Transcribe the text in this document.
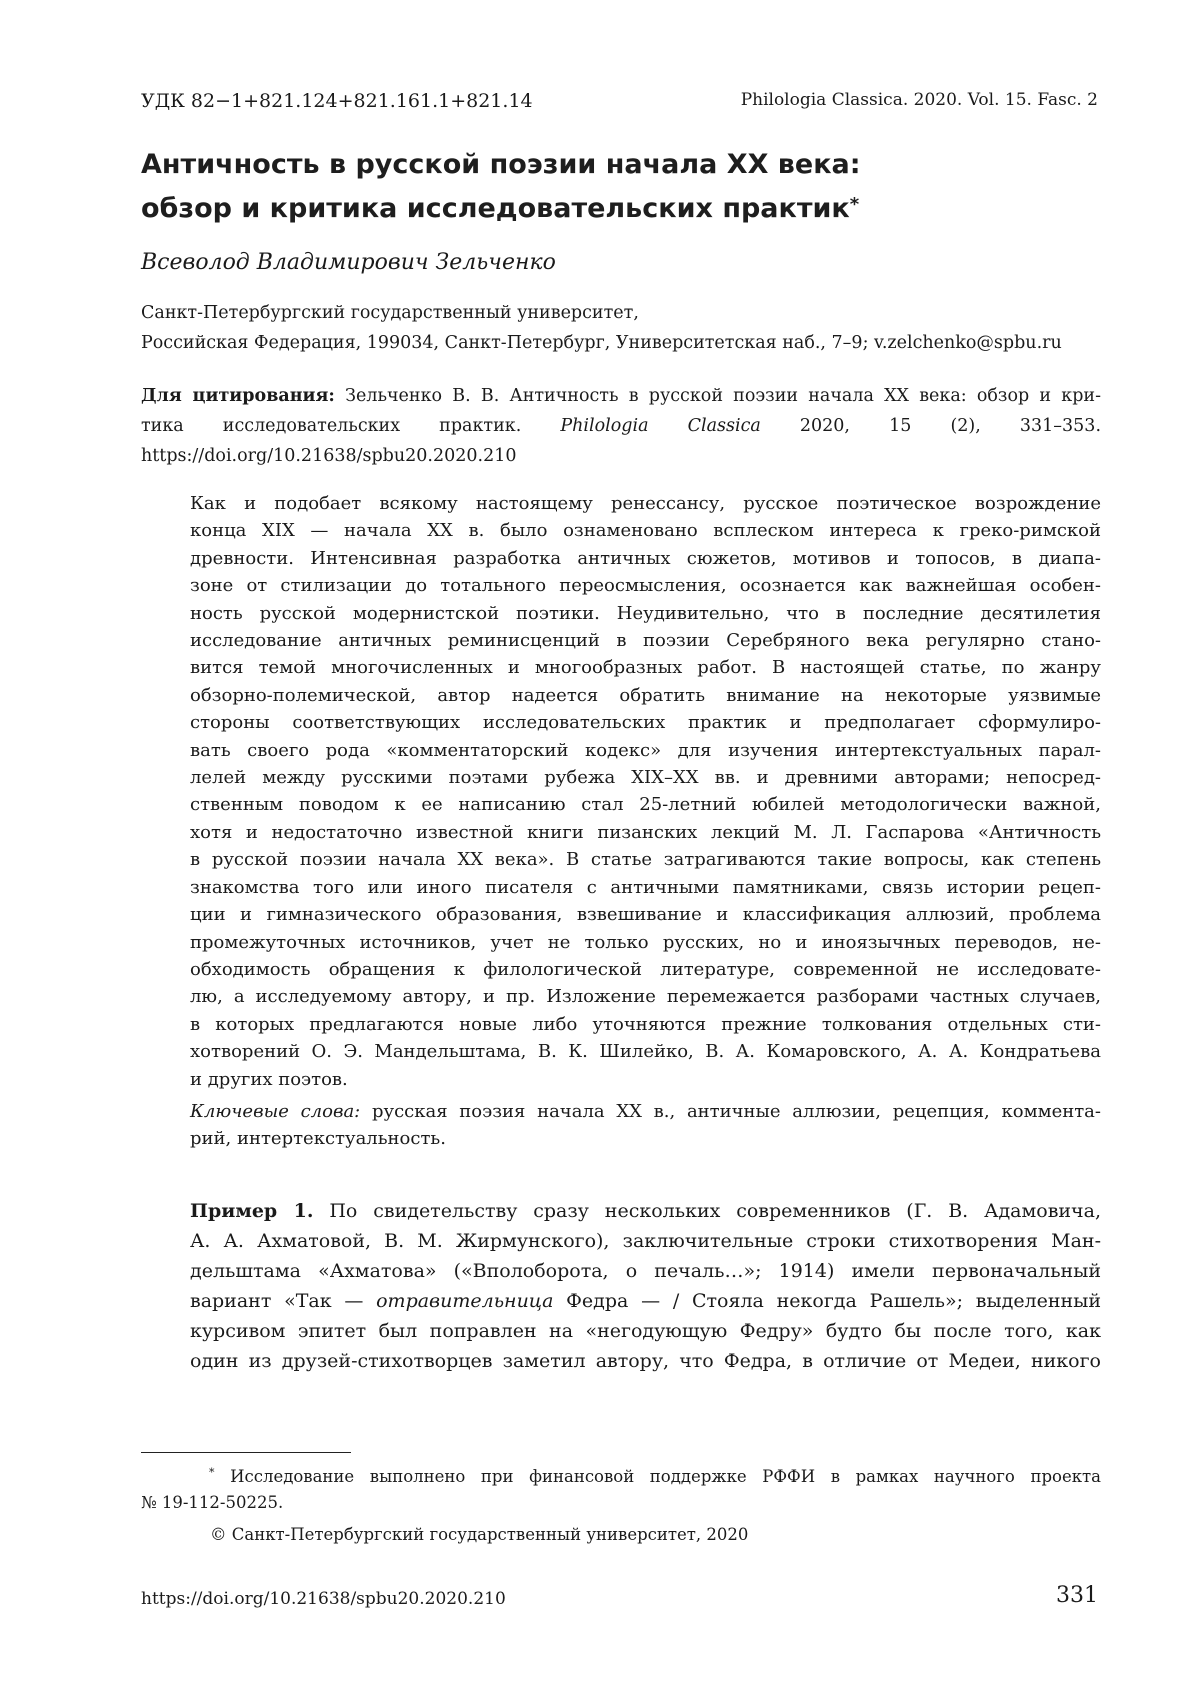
УДК 82−1+821.124+821.161.1+821.14	Philologia Classica. 2020. Vol. 15. Fasc. 2
Античность в русской поэзии начала XX века:
обзор и критика исследовательских практик*
Всеволод Владимирович Зельченко
Санкт-Петербургский государственный университет,
Российская Федерация, 199034, Санкт-Петербург, Университетская наб., 7–9; v.zelchenko@spbu.ru
Для цитирования: Зельченко В. В. Античность в русской поэзии начала XX века: обзор и кри-
тика исследовательских практик. Philologia Classica 2020, 15 (2), 331–353.
https://doi.org/10.21638/spbu20.2020.210
Как и подобает всякому настоящему ренессансу, русское поэтическое возрождение
конца XIX — начала XX в. было ознаменовано всплеском интереса к греко-римской
древности. Интенсивная разработка античных сюжетов, мотивов и топосов, в диапа-
зоне от стилизации до тотального переосмысления, осознается как важнейшая особен-
ность русской модернистской поэтики. Неудивительно, что в последние десятилетия
исследование античных реминисценций в поэзии Серебряного века регулярно стано-
вится темой многочисленных и многообразных работ. В настоящей статье, по жанру
обзорно-полемической, автор надеется обратить внимание на некоторые уязвимые
стороны соответствующих исследовательских практик и предполагает сформулиро-
вать своего рода «комментаторский кодекс» для изучения интертекстуальных парал-
лелей между русскими поэтами рубежа XIX–XX вв. и древними авторами; непосред-
ственным поводом к ее написанию стал 25-летний юбилей методологически важной,
хотя и недостаточно известной книги пизанских лекций М. Л. Гаспарова «Античность
в русской поэзии начала XX века». В статье затрагиваются такие вопросы, как степень
знакомства того или иного писателя с античными памятниками, связь истории рецеп-
ции и гимназического образования, взвешивание и классификация аллюзий, проблема
промежуточных источников, учет не только русских, но и иноязычных переводов, не-
обходимость обращения к филологической литературе, современной не исследовате-
лю, а исследуемому автору, и пр. Изложение перемежается разборами частных случаев,
в которых предлагаются новые либо уточняются прежние толкования отдельных сти-
хотворений О. Э. Мандельштама, В. К. Шилейко, В. А. Комаровского, А. А. Кондратьева
и других поэтов.
Ключевые слова: русская поэзия начала XX в., античные аллюзии, рецепция, коммента-
рий, интертекстуальность.
Пример 1. По свидетельству сразу нескольких современников (Г. В. Адамовича,
А. А. Ахматовой, В. М. Жирмунского), заключительные строки стихотворения Ман-
дельштама «Ахматова» («Вполоборота, о печаль…»; 1914) имели первоначальный
вариант «Так — отравительница Федра — / Стояла некогда Рашель»; выделенный
курсивом эпитет был поправлен на «негодующую Федру» будто бы после того, как
один из друзей-стихотворцев заметил автору, что Федра, в отличие от Медеи, никого
* Исследование выполнено при финансовой поддержке РФФИ в рамках научного проекта
№ 19-112-50225.
© Санкт-Петербургский государственный университет, 2020
https://doi.org/10.21638/spbu20.2020.210	331
